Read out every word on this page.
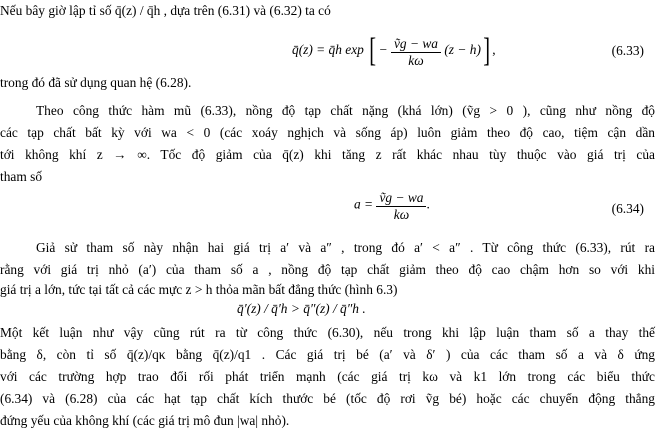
Nếu bây giờ lập tỉ số q̄(z) / q̄h , dựa trên (6.31) và (6.32) ta có
q̄(z) = q̄h exp [ − $\frac{\text{ṽg − wa}}{k\omega} (z - h)$] ,	(6.33)
trong đó đã sử dụng quan hệ (6.28).
Theo công thức hàm mũ (6.33), nồng độ tạp chất nặng (khá lớn) (ṽg > 0 ), cũng như nồng độ
các tạp chất bất kỳ với wa < 0 (các xoáy nghịch và sống áp) luôn giảm theo độ cao, tiệm cận dần
tới không khí z → ∞. Tốc độ giảm của q̄(z) khi tăng z rất khác nhau tùy thuộc vào giá trị của
tham số
$a = \frac{\text{ṽg − wa}}{k\omega}$ .	(6.34)
Giả sử tham số này nhận hai giá trị a′ và a″ , trong đó a′ < a″ . Từ công thức (6.33), rút ra
rằng với giá trị nhỏ (a′) của tham số a , nồng độ tạp chất giảm theo độ cao chậm hơn so với khi
giá trị a lớn, tức tại tất cả các mực z > h thỏa mãn bất đẳng thức (hình 6.3)
q̄′(z) / q̄′h > q̄″(z) / q̄″h .
Một kết luận như vậy cũng rút ra từ công thức (6.30), nếu trong khi lập luận tham số a thay thế
bằng δ, còn tỉ số q̄(z)/qκ bằng q̄(z)/q1 . Các giá trị bé (a′ và δ′ ) của các tham số a và δ ứng
với các trường hợp trao đổi rối phát triển mạnh (các giá trị kω và k1 lớn trong các biểu thức
(6.34) và (6.28) của các hạt tạp chất kích thước bé (tốc độ rơi ṽg bé) hoặc các chuyển động thẳng
đứng yếu của không khí (các giá trị mô đun |wa| nhỏ).
